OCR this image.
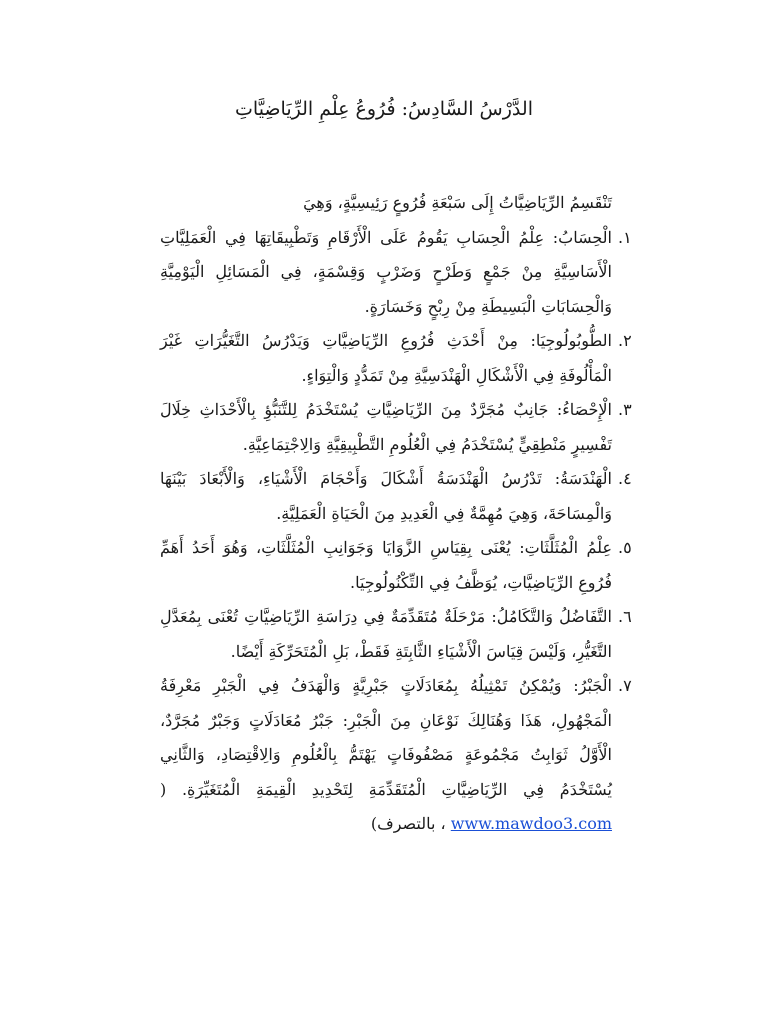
الدَّرْسُ السَّادِسُ: فُرُوعُ عِلْمِ الرِّيَاضِيَّاتِ

تَنْقَسِمُ الرِّيَاضِيَّاتُ إِلَى سَبْعَةِ فُرُوعٍ رَئِيسِيَّةٍ، وَهِيَ

١.
الْحِسَابُ: عِلْمُ الْحِسَابِ يَقُومُ عَلَى الْأَرْقَامِ وَتَطْبِيقَاتِهَا فِي الْعَمَلِيَّاتِ الْأَسَاسِيَّةِ مِنْ جَمْعٍ وَطَرْحٍ وَضَرْبٍ وَقِسْمَةٍ، فِي الْمَسَائِلِ الْيَوْمِيَّةِ وَالْحِسَابَاتِ الْبَسِيطَةِ مِنْ رِبْحٍ وَخَسَارَةٍ.
٢.
الطُّوبُولُوجِيَا: مِنْ أَحْدَثِ فُرُوعِ الرِّيَاضِيَّاتِ وَيَدْرُسُ التَّغَيُّرَاتِ غَيْرَ الْمَأْلُوفَةِ فِي الْأَشْكَالِ الْهَنْدَسِيَّةِ مِنْ تَمَدُّدٍ وَالْتِوَاءٍ.
٣.
الْإِحْصَاءُ: جَانِبٌ مُجَرَّدٌ مِنَ الرِّيَاضِيَّاتِ يُسْتَخْدَمُ لِلتَّنَبُّؤِ بِالْأَحْدَاثِ خِلَالَ تَفْسِيرٍ مَنْطِقِيٍّ يُسْتَخْدَمُ فِي الْعُلُومِ التَّطْبِيقِيَّةِ وَالِاجْتِمَاعِيَّةِ.
٤.
الْهَنْدَسَةُ: تَدْرُسُ الْهَنْدَسَةُ أَشْكَالَ وَأَحْجَامَ الْأَشْيَاءِ، وَالْأَبْعَادَ بَيْنَهَا وَالْمِسَاحَةَ، وَهِيَ مُهِمَّةٌ فِي الْعَدِيدِ مِنَ الْحَيَاةِ الْعَمَلِيَّةِ.
٥.
عِلْمُ الْمُثَلَّثَاتِ: يُعْنَى بِقِيَاسِ الزَّوَايَا وَجَوَانِبِ الْمُثَلَّثَاتِ، وَهُوَ أَحَدُ أَهَمِّ فُرُوعِ الرِّيَاضِيَّاتِ، يُوَظَّفُ فِي التِّكْنُولُوجِيَا.
٦.
التَّفَاضُلُ وَالتَّكَامُلُ: مَرْحَلَةٌ مُتَقَدِّمَةٌ فِي دِرَاسَةِ الرِّيَاضِيَّاتِ تُعْنَى بِمُعَدَّلِ التَّغَيُّرِ، وَلَيْسَ قِيَاسَ الْأَشْيَاءِ الثَّابِتَةِ فَقَطْ، بَلِ الْمُتَحَرِّكَةِ أَيْضًا.
٧.
الْجَبْرُ: وَيُمْكِنُ تَمْثِيلُهُ بِمُعَادَلَاتٍ جَبْرِيَّةٍ وَالْهَدَفُ فِي الْجَبْرِ مَعْرِفَةُ الْمَجْهُولِ، هَذَا وَهُنَالِكَ نَوْعَانِ مِنَ الْجَبْرِ: جَبْرُ مُعَادَلَاتٍ وَجَبْرٌ مُجَرَّدٌ، الْأَوَّلُ ثَوَابِتُ مَجْمُوعَةٍ مَصْفُوفَاتٍ يَهْتَمُّ بِالْعُلُومِ وَالِاقْتِصَادِ، وَالثَّانِي يُسْتَخْدَمُ فِي الرِّيَاضِيَّاتِ الْمُتَقَدِّمَةِ لِتَحْدِيدِ الْقِيمَةِ الْمُتَغَيِّرَةِ. ( www.mawdoo3.com ، بالتصرف)
